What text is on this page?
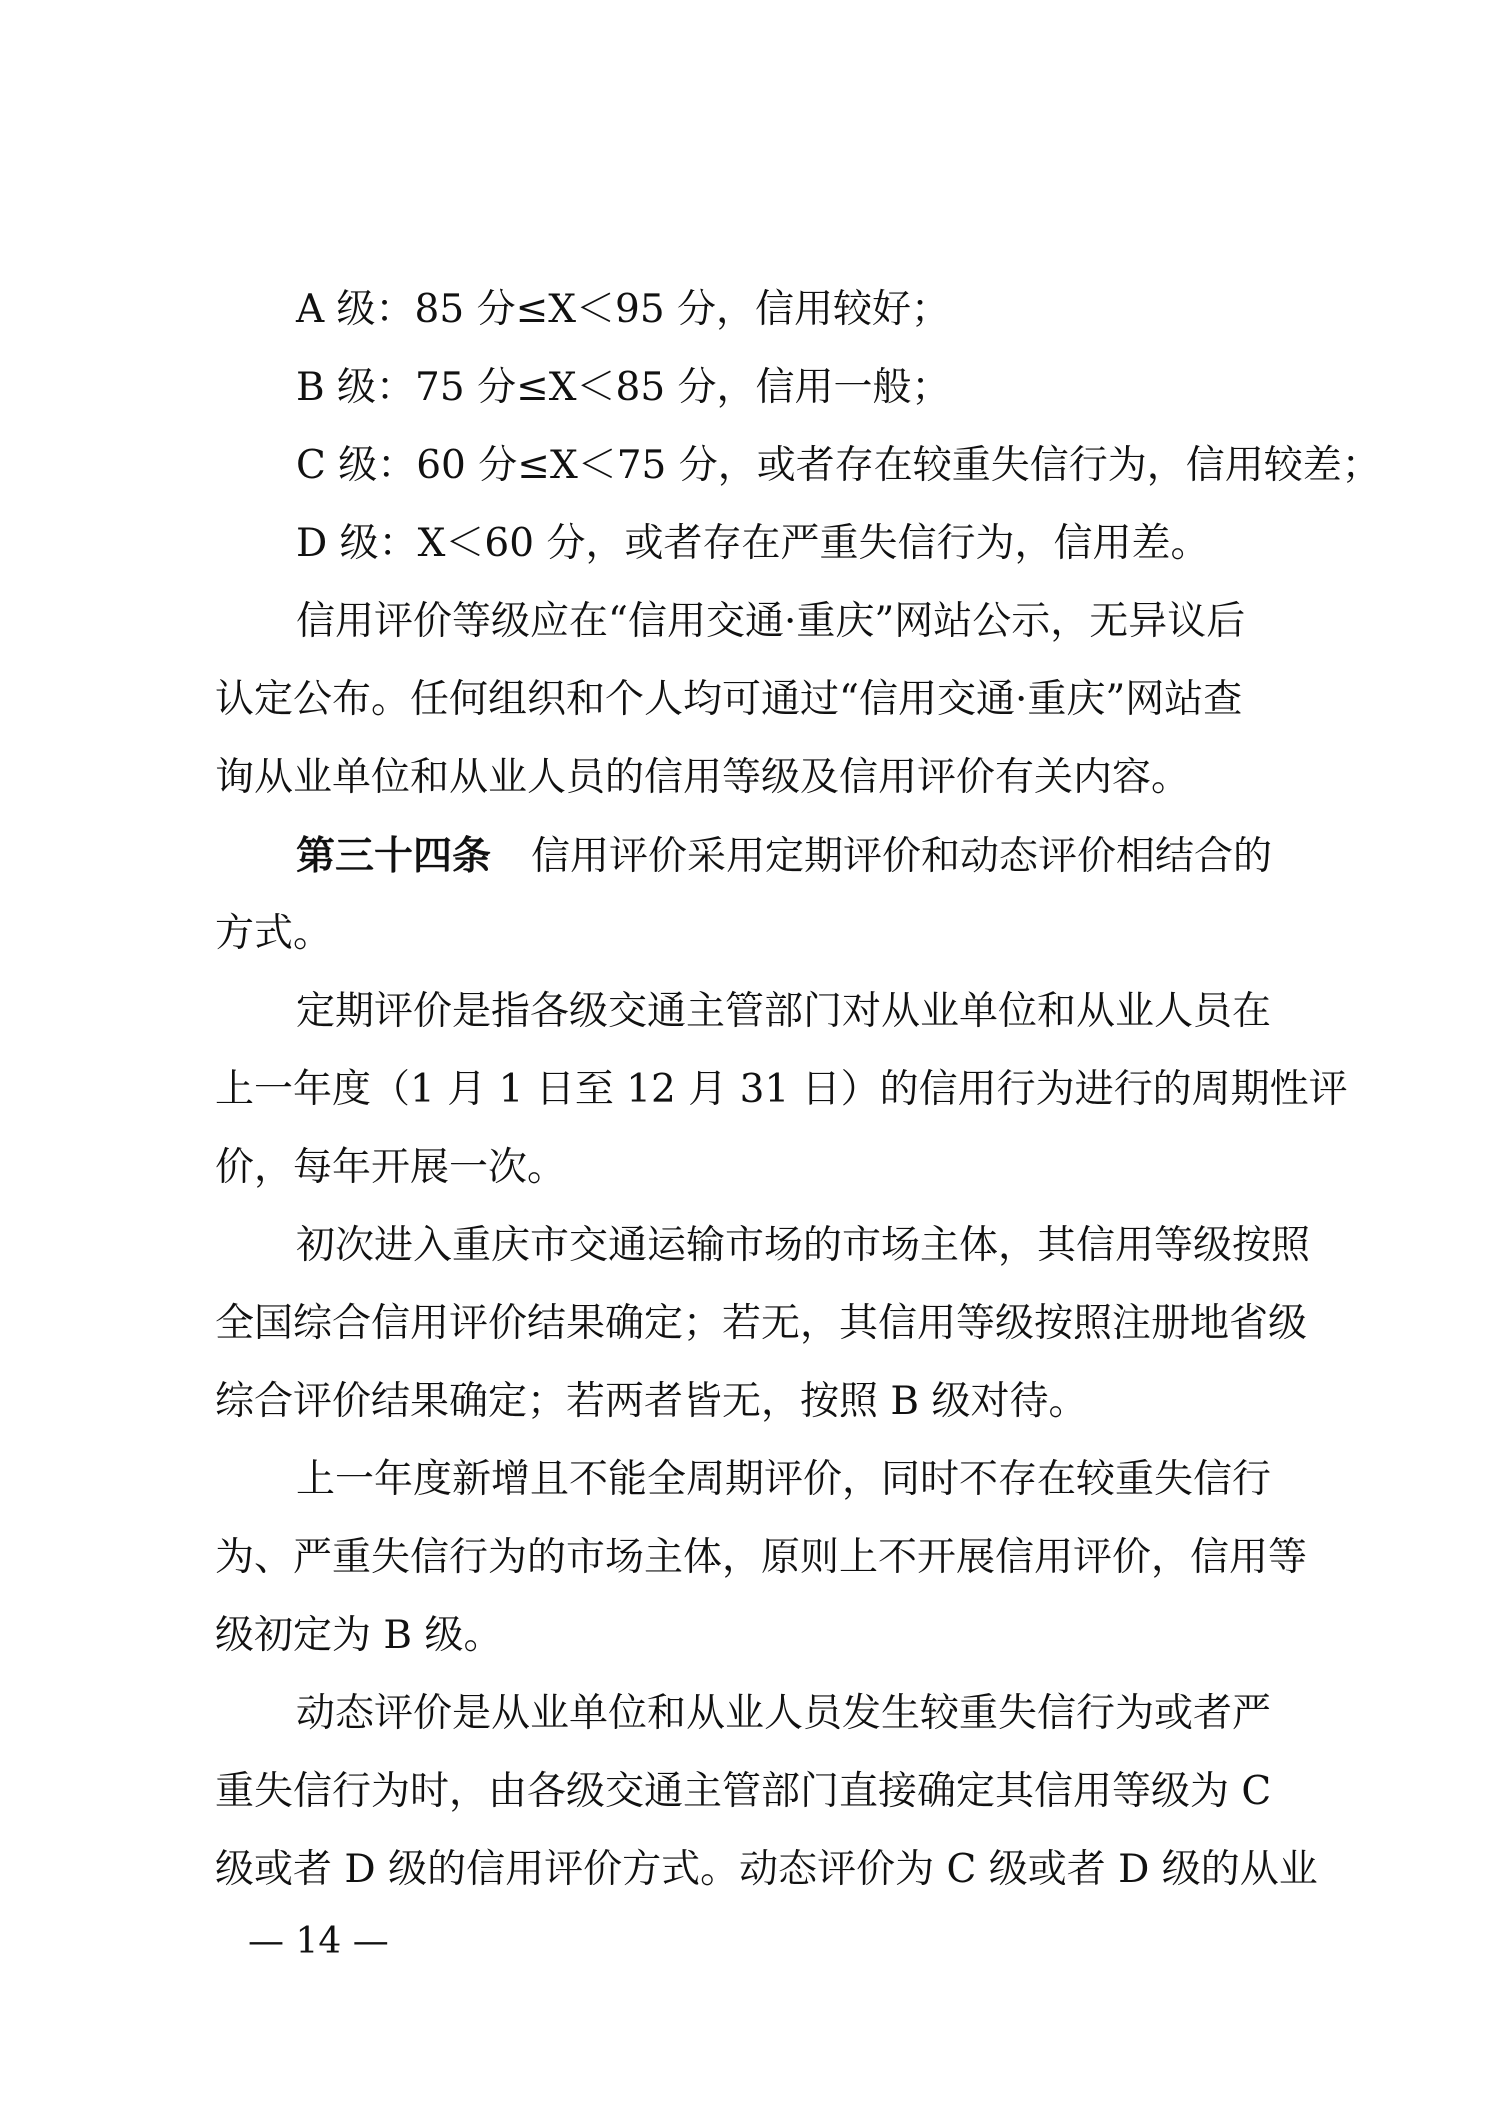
A 级：85 分≤X＜95 分，信用较好；
B 级：75 分≤X＜85 分，信用一般；
C 级：60 分≤X＜75 分，或者存在较重失信行为，信用较差；
D 级：X＜60 分，或者存在严重失信行为，信用差。
信用评价等级应在“信用交通·重庆”网站公示，无异议后
认定公布。任何组织和个人均可通过“信用交通·重庆”网站查
询从业单位和从业人员的信用等级及信用评价有关内容。
第三十四条 信用评价采用定期评价和动态评价相结合的
方式。
定期评价是指各级交通主管部门对从业单位和从业人员在
上一年度（1 月 1 日至 12 月 31 日）的信用行为进行的周期性评
价，每年开展一次。
初次进入重庆市交通运输市场的市场主体，其信用等级按照
全国综合信用评价结果确定；若无，其信用等级按照注册地省级
综合评价结果确定；若两者皆无，按照 B 级对待。
上一年度新增且不能全周期评价，同时不存在较重失信行
为、严重失信行为的市场主体，原则上不开展信用评价，信用等
级初定为 B 级。
动态评价是从业单位和从业人员发生较重失信行为或者严
重失信行为时，由各级交通主管部门直接确定其信用等级为 C
级或者 D 级的信用评价方式。动态评价为 C 级或者 D 级的从业
— 14 —
